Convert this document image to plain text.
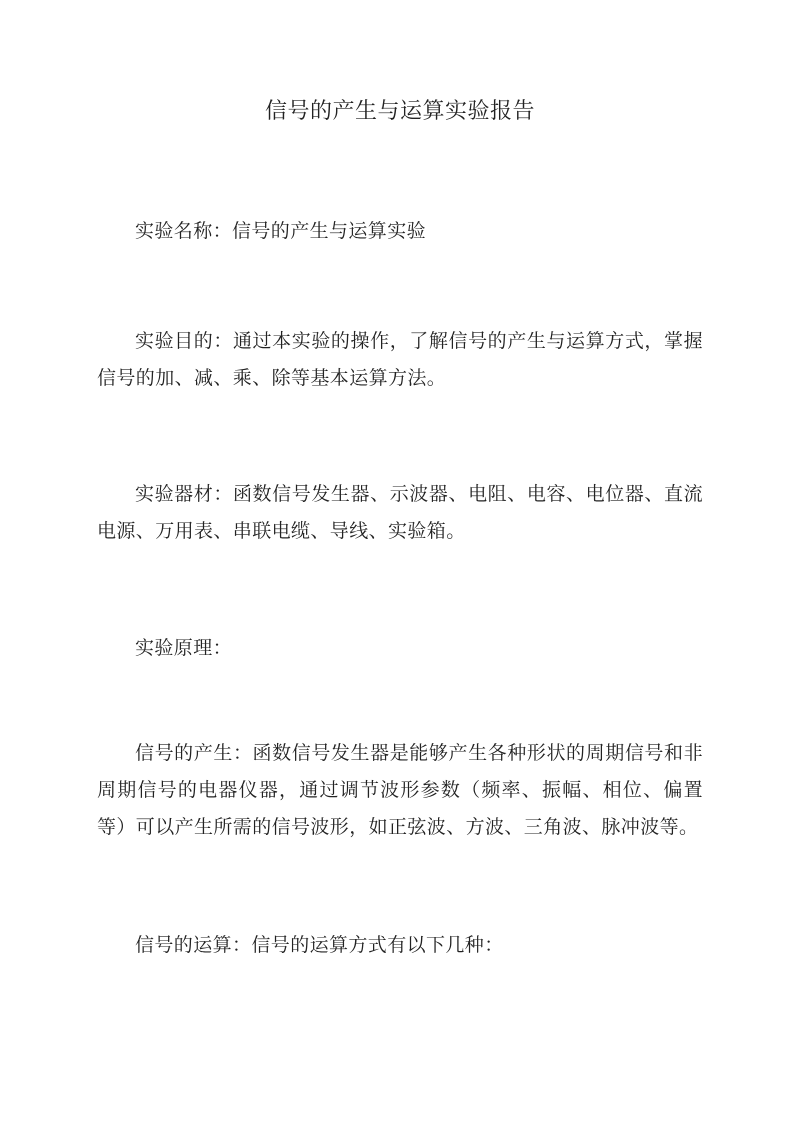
信号的产生与运算实验报告

实验名称：信号的产生与运算实验

实验目的：通过本实验的操作，了解信号的产生与运算方式，掌握信号的加、减、乘、除等基本运算方法。

实验器材：函数信号发生器、示波器、电阻、电容、电位器、直流电源、万用表、串联电缆、导线、实验箱。

实验原理：

信号的产生：函数信号发生器是能够产生各种形状的周期信号和非周期信号的电器仪器，通过调节波形参数（频率、振幅、相位、偏置等）可以产生所需的信号波形，如正弦波、方波、三角波、脉冲波等。

信号的运算：信号的运算方式有以下几种：
